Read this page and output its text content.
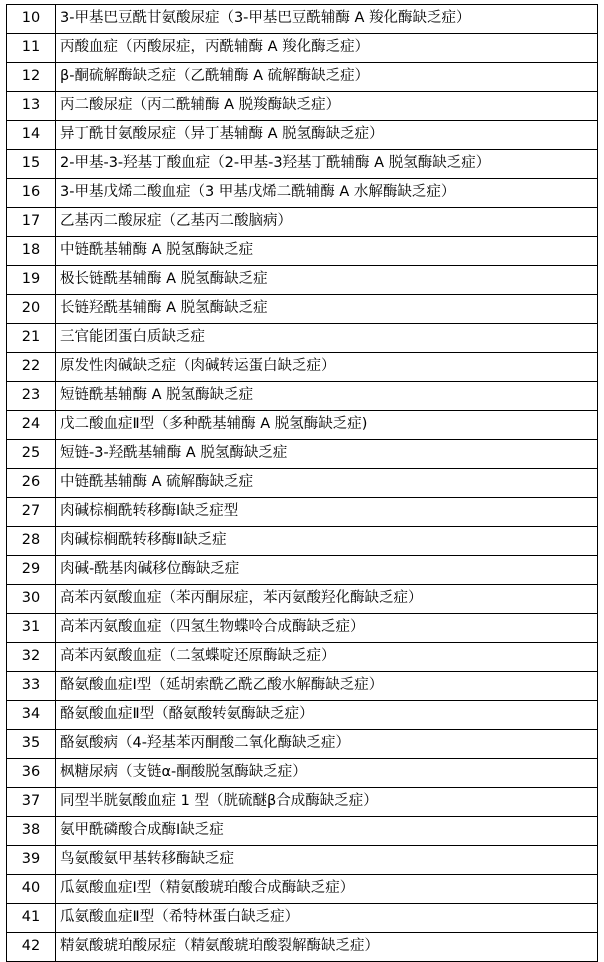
10	3-甲基巴豆酰甘氨酸尿症（3-甲基巴豆酰辅酶 A 羧化酶缺乏症）
11	丙酸血症（丙酸尿症，丙酰辅酶 A 羧化酶乏症）
12	β-酮硫解酶缺乏症（乙酰辅酶 A 硫解酶缺乏症）
13	丙二酸尿症（丙二酰辅酶 A 脱羧酶缺乏症）
14	异丁酰甘氨酸尿症（异丁基辅酶 A 脱氢酶缺乏症）
15	2-甲基-3-羟基丁酸血症（2-甲基-3羟基丁酰辅酶 A 脱氢酶缺乏症）
16	3-甲基戊烯二酸血症（3 甲基戊烯二酰辅酶 A 水解酶缺乏症）
17	乙基丙二酸尿症（乙基丙二酸脑病）
18	中链酰基辅酶 A 脱氢酶缺乏症
19	极长链酰基辅酶 A 脱氢酶缺乏症
20	长链羟酰基辅酶 A 脱氢酶缺乏症
21	三官能团蛋白质缺乏症
22	原发性肉碱缺乏症（肉碱转运蛋白缺乏症）
23	短链酰基辅酶 A 脱氢酶缺乏症
24	戊二酸血症Ⅱ型（多种酰基辅酶 A 脱氢酶缺乏症)
25	短链-3-羟酰基辅酶 A 脱氢酶缺乏症
26	中链酰基辅酶 A 硫解酶缺乏症
27	肉碱棕榈酰转移酶Ⅰ缺乏症型
28	肉碱棕榈酰转移酶Ⅱ缺乏症
29	肉碱-酰基肉碱移位酶缺乏症
30	高苯丙氨酸血症（苯丙酮尿症，苯丙氨酸羟化酶缺乏症）
31	高苯丙氨酸血症（四氢生物蝶呤合成酶缺乏症）
32	高苯丙氨酸血症（二氢蝶啶还原酶缺乏症）
33	酪氨酸血症Ⅰ型（延胡索酰乙酰乙酸水解酶缺乏症）
34	酪氨酸血症Ⅱ型（酪氨酸转氨酶缺乏症）
35	酪氨酸病（4-羟基苯丙酮酸二氧化酶缺乏症）
36	枫糖尿病（支链α-酮酸脱氢酶缺乏症）
37	同型半胱氨酸血症 1 型（胱硫醚β合成酶缺乏症）
38	氨甲酰磷酸合成酶Ⅰ缺乏症
39	鸟氨酸氨甲基转移酶缺乏症
40	瓜氨酸血症Ⅰ型（精氨酸琥珀酸合成酶缺乏症）
41	瓜氨酸血症Ⅱ型（希特林蛋白缺乏症）
42	精氨酸琥珀酸尿症（精氨酸琥珀酸裂解酶缺乏症）
